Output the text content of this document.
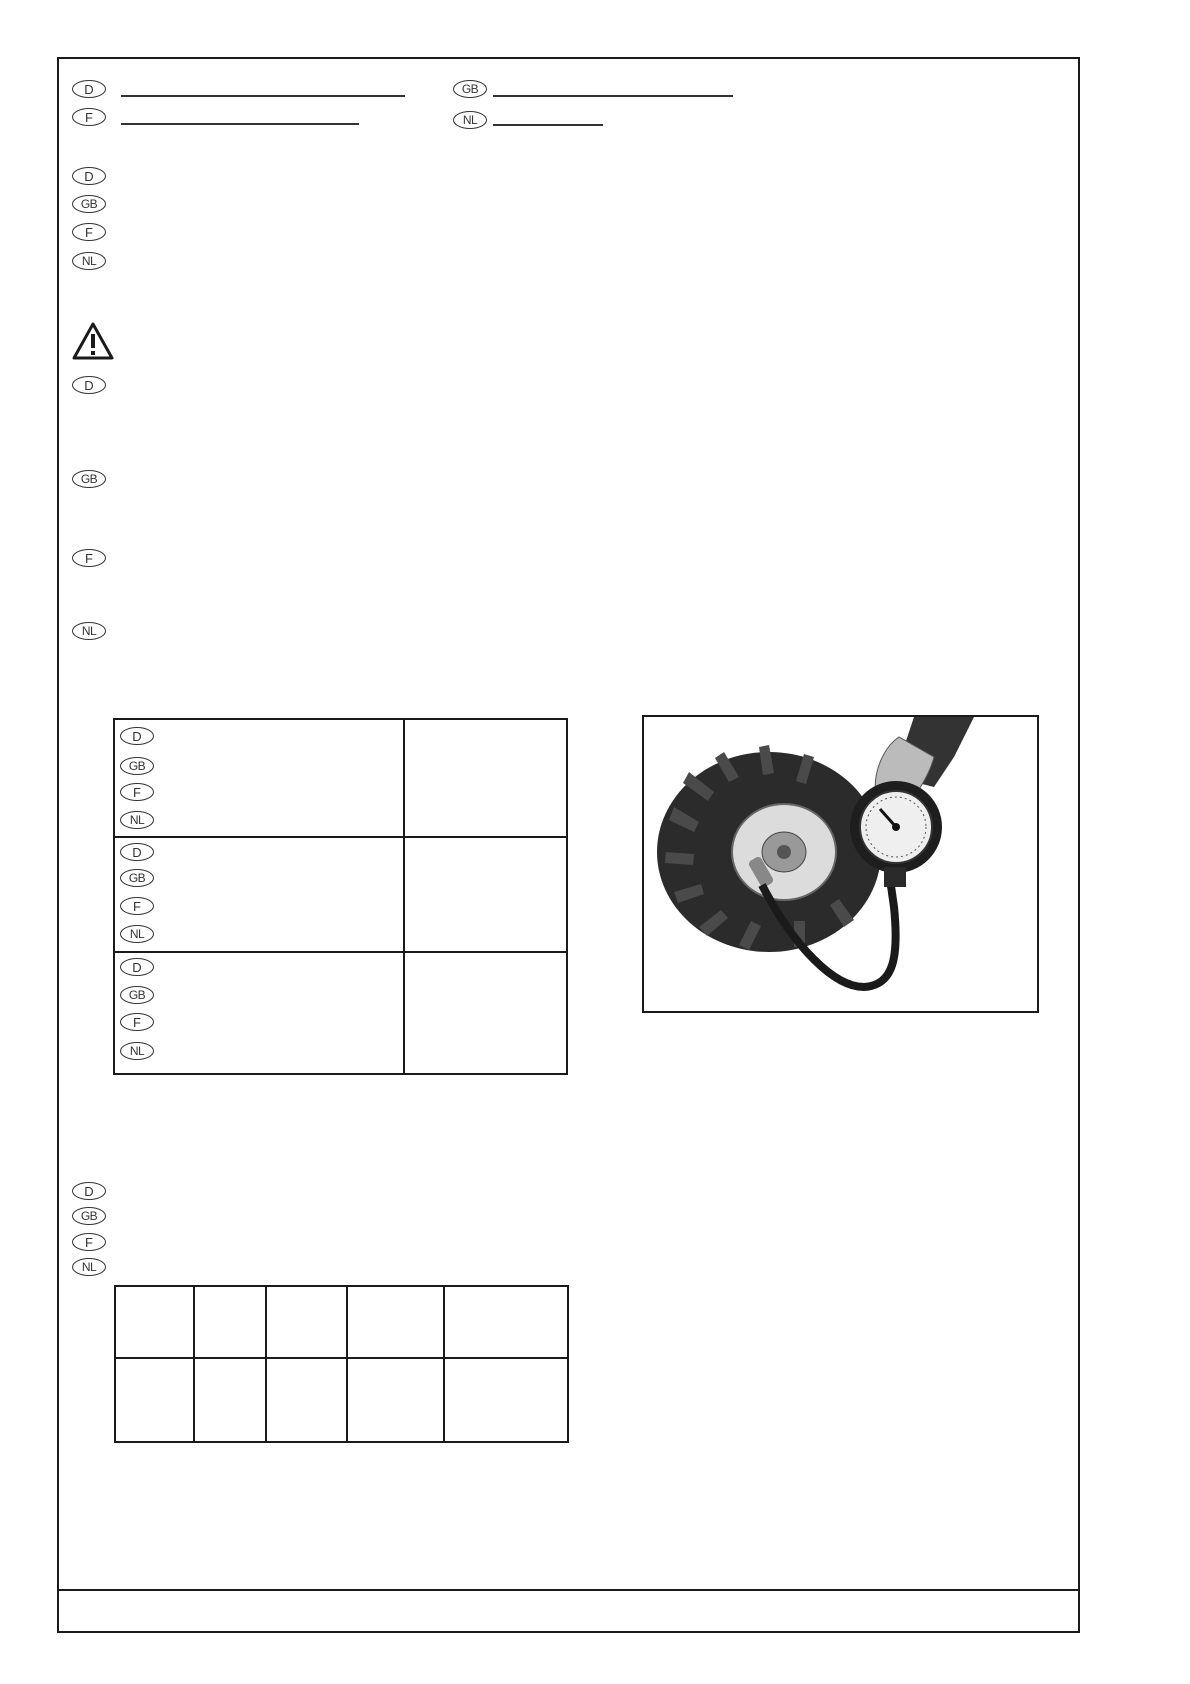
D	GB
F	NL
D
GB
F
NL
D
GB
F
NL
D
GB
F
NL
D
GB
F
NL
D
GB
F
NL
D
GB
F
NL
